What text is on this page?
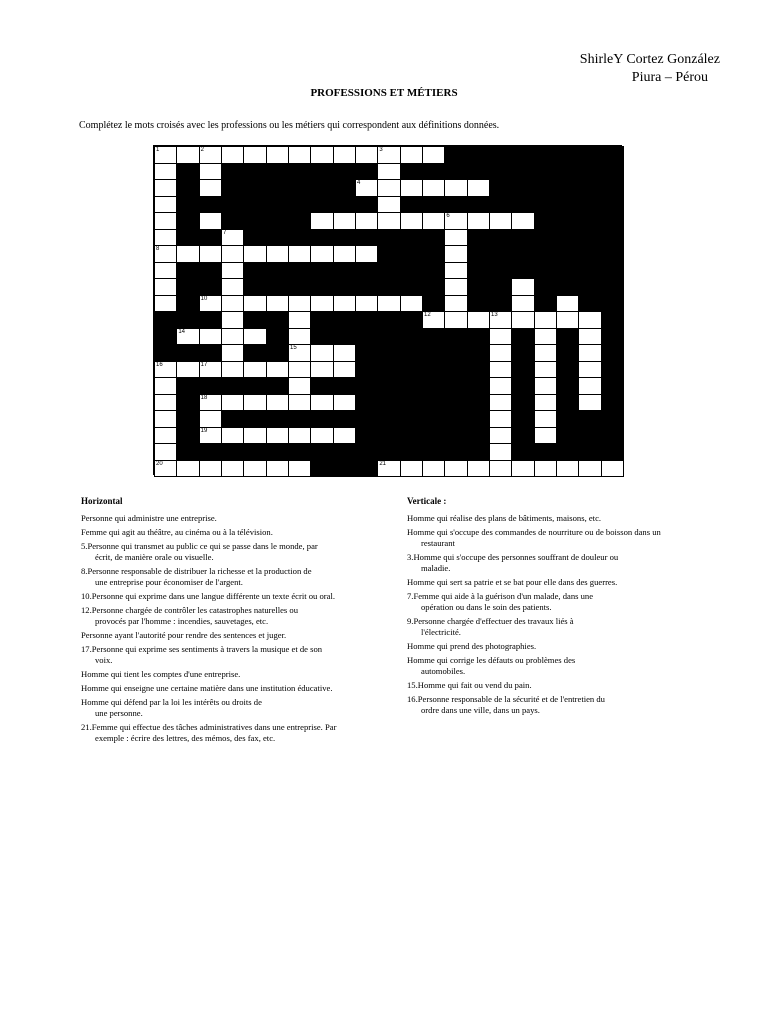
ShirleY Cortez González
Piura – Pérou
PROFESSIONS ET MÉTIERS
Complétez le mots croisés avec les professions ou les métiers qui correspondent aux définitions données.
1	2	3
4
5	6
7
8
9
10	11
12	13
14
15
16	17
18
19
20	21
Horizontal
Personne qui administre une entreprise.
Femme qui agit au théâtre, au cinéma ou à la télévision.
5.Personne qui transmet au public ce qui se passe dans le monde, par
écrit, de manière orale ou visuelle.
8.Personne responsable de distribuer la richesse et la production de
une entreprise pour économiser de l'argent.
10.Personne qui exprime dans une langue différente un texte écrit ou oral.
12.Personne chargée de contrôler les catastrophes naturelles ou
provocés par l'homme : incendies, sauvetages, etc.
Personne ayant l'autorité pour rendre des sentences et juger.
17.Personne qui exprime ses sentiments à travers la musique et de son
voix.
Homme qui tient les comptes d'une entreprise.
Homme qui enseigne une certaine matière dans une institution éducative.
Homme qui défend par la loi les intérêts ou droits de
une personne.
21.Femme qui effectue des tâches administratives dans une entreprise. Par
exemple : écrire des lettres, des mémos, des fax, etc.
Verticale :
Homme qui réalise des plans de bâtiments, maisons, etc.
Homme qui s'occupe des commandes de nourriture ou de boisson dans un
restaurant
3.Homme qui s'occupe des personnes souffrant de douleur ou
maladie.
Homme qui sert sa patrie et se bat pour elle dans des guerres.
7.Femme qui aide à la guérison d'un malade, dans une
opération ou dans le soin des patients.
9.Personne chargée d'effectuer des travaux liés à
l'électricité.
Homme qui prend des photographies.
Homme qui corrige les défauts ou problèmes des
automobiles.
15.Homme qui fait ou vend du pain.
16.Personne responsable de la sécurité et de l'entretien du
ordre dans une ville, dans un pays.
